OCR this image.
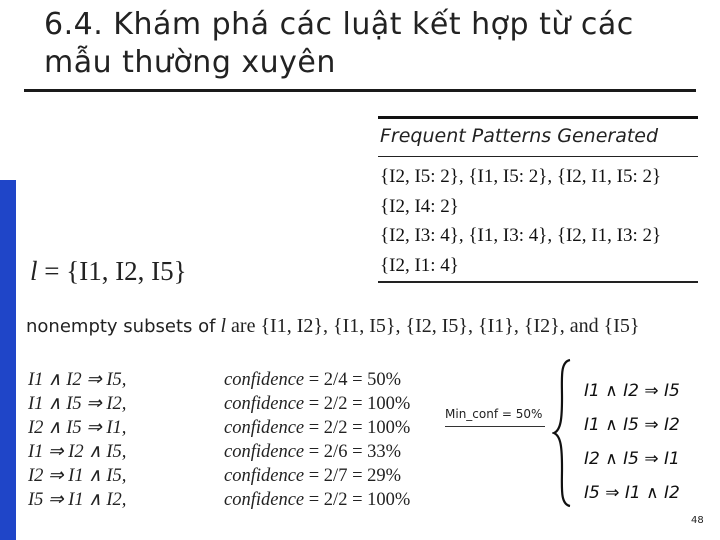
6.4. Khám phá các luật kết hợp từ các mẫu thường xuyên
Frequent Patterns Generated
{I2, I5: 2}, {I1, I5: 2}, {I2, I1, I5: 2}
{I2, I4: 2}
{I2, I3: 4}, {I1, I3: 4}, {I2, I1, I3: 2}
{I2, I1: 4}
l = {I1, I2, I5}
nonempty subsets of l are {I1, I2}, {I1, I5}, {I2, I5}, {I1}, {I2}, and {I5}
I1 ∧ I2 ⇒ I5,
I1 ∧ I5 ⇒ I2,
I2 ∧ I5 ⇒ I1,
I1 ⇒ I2 ∧ I5,
I2 ⇒ I1 ∧ I5,
I5 ⇒ I1 ∧ I2,
confidence = 2/4 = 50%
confidence = 2/2 = 100%
confidence = 2/2 = 100%
confidence = 2/6 = 33%
confidence = 2/7 = 29%
confidence = 2/2 = 100%
Min_conf = 50%
I1 ∧ I2 ⇒ I5
I1 ∧ I5 ⇒ I2
I2 ∧ I5 ⇒ I1
I5 ⇒ I1 ∧ I2
48
